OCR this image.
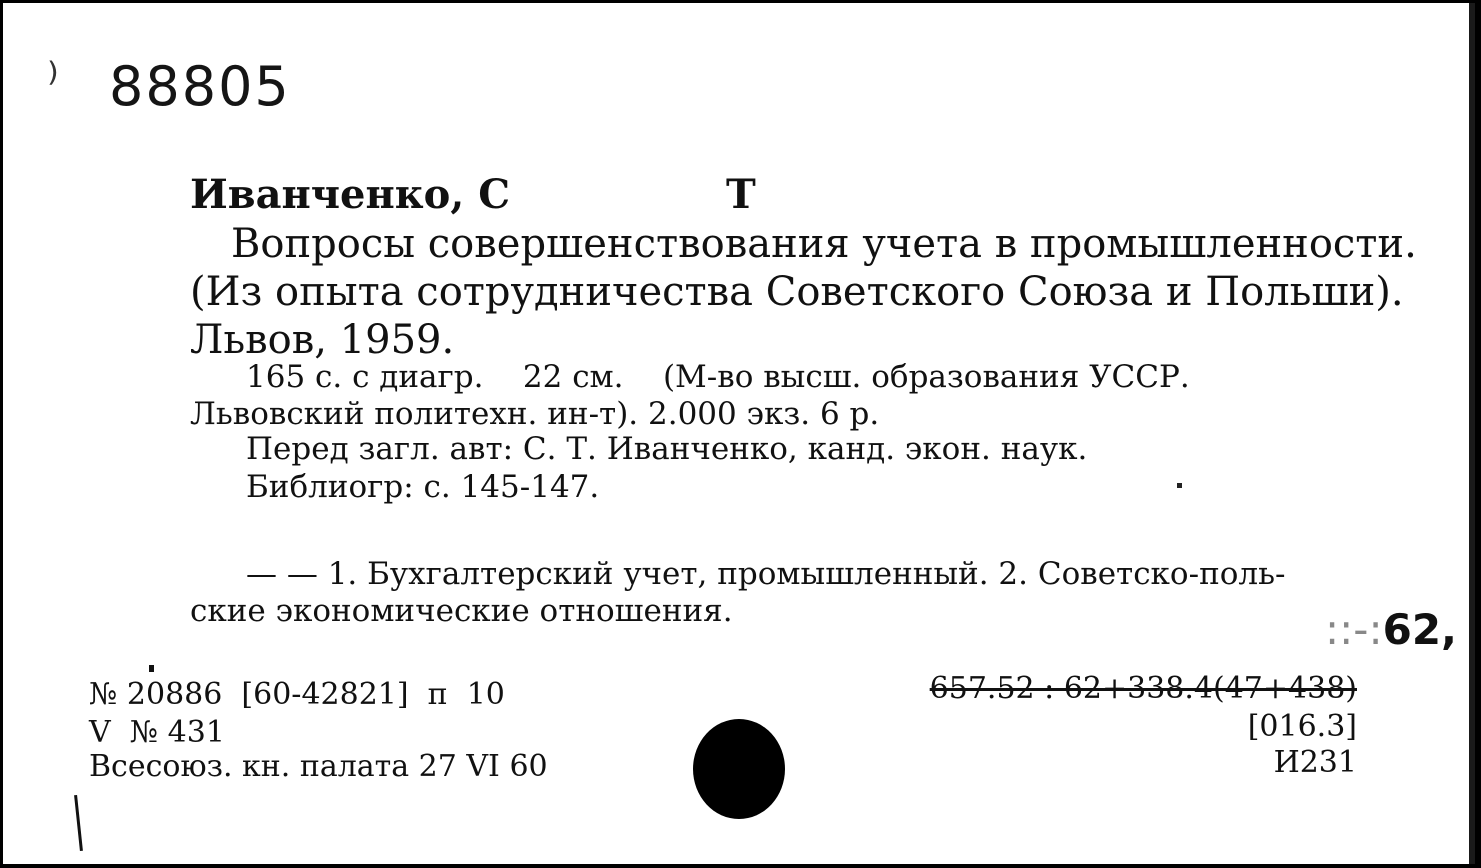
⁾ 88805
Иванченко, С	Т
Вопросы совершенствования учета в промышленности.
(Из опыта сотрудничества Советского Союза и Польши).
Львов, 1959.
165 с. с диагр.    22 см.    (М-во высш. образования УССР.
Львовский политехн. ин-т). 2.000 экз. 6 р.
Перед загл. авт: С. Т. Иванченко, канд. экон. наук.
Библиогр: с. 145-147.
— — 1. Бухгалтерский учет, промышленный. 2. Советско-поль-
ские экономические отношения.	::-:62,
657.52 : 62+338.4(47+438)
[016.3]
И231
№ 20886  [60-42821]  п  10
V  № 431
Всесоюз. кн. палата 27 VI 60
